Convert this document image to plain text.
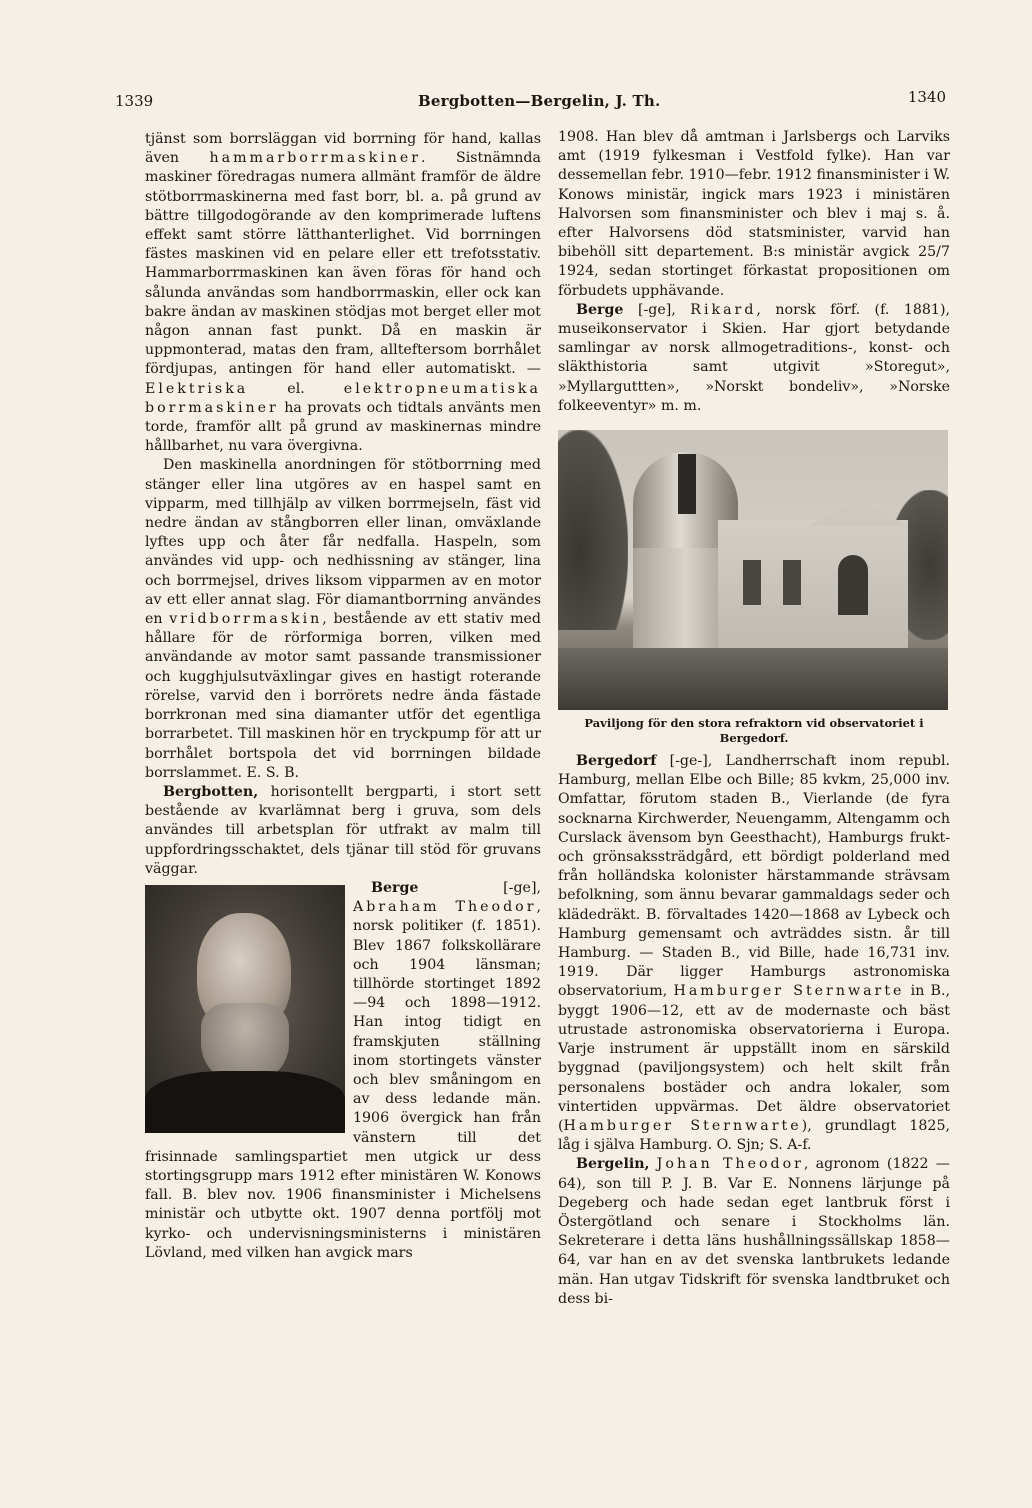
1339	Bergbotten—Bergelin, J. Th.	1340

tjänst som borrsläggan vid borrning för hand, kallas även hammarborrmaskiner. Sistnämnda maskiner föredragas numera allmänt framför de äldre stötborrmaskinerna med fast borr, bl. a. på grund av bättre tillgodogörande av den komprimerade luftens effekt samt större lätthanterlighet. Vid borrningen fästes maskinen vid en pelare eller ett trefotsstativ. Hammarborrmaskinen kan även föras för hand och sålunda användas som handborrmaskin, eller ock kan bakre ändan av maskinen stödjas mot berget eller mot någon annan fast punkt. Då en maskin är uppmonterad, matas den fram, allteftersom borrhålet fördjupas, antingen för hand eller automatiskt. — Elektriska el. elektropneumatiska borrmaskiner ha provats och tidtals använts men torde, framför allt på grund av maskinernas mindre hållbarhet, nu vara övergivna.

Den maskinella anordningen för stötborrning med stänger eller lina utgöres av en haspel samt en vipparm, med tillhjälp av vilken borrmejseln, fäst vid nedre ändan av stångborren eller linan, omväxlande lyftes upp och åter får nedfalla. Haspeln, som användes vid upp- och nedhissning av stänger, lina och borrmejsel, drives liksom vipparmen av en motor av ett eller annat slag. För diamantborrning användes en vridborrmaskin, bestående av ett stativ med hållare för de rörformiga borren, vilken med användande av motor samt passande transmissioner och kugghjulsutväxlingar gives en hastigt roterande rörelse, varvid den i borrörets nedre ända fästade borrkronan med sina diamanter utför det egentliga borrarbetet. Till maskinen hör en tryckpump för att ur borrhålet bortspola det vid borrningen bildade borrslammet. E. S. B.

Bergbotten, horisontellt bergparti, i stort sett bestående av kvarlämnat berg i gruva, som dels användes till arbetsplan för utfrakt av malm till uppfordringsschaktet, dels tjänar till stöd för gruvans väggar.

Berge [-ge], Abraham Theodor, norsk politiker (f. 1851). Blev 1867 folkskollärare och 1904 länsman; tillhörde stortinget 1892 —94 och 1898—1912. Han intog tidigt en framskjuten ställning inom stortingets vänster och blev småningom en av dess ledande män. 1906 övergick han från vänstern till det frisinnade samlingspartiet men utgick ur dess stortingsgrupp mars 1912 efter ministären W. Konows fall. B. blev nov. 1906 finansminister i Michelsens ministär och utbytte okt. 1907 denna portfölj mot kyrko- och undervisningsministerns i ministären Lövland, med vilken han avgick mars

1908. Han blev då amtman i Jarlsbergs och Larviks amt (1919 fylkesman i Vestfold fylke). Han var dessemellan febr. 1910—febr. 1912 finansminister i W. Konows ministär, ingick mars 1923 i ministären Halvorsen som finansminister och blev i maj s. å. efter Halvorsens död statsminister, varvid han bibehöll sitt departement. B:s ministär avgick 25/7 1924, sedan stortinget förkastat propositionen om förbudets upphävande.

Berge [-ge], Rikard, norsk förf. (f. 1881), museikonservator i Skien. Har gjort betydande samlingar av norsk allmogetraditions-, konst- och släkthistoria samt utgivit »Storegut», »Myllarguttten», »Norskt bondeliv», »Norske folkeeventyr» m. m.

Paviljong för den stora refraktorn vid observatoriet i Bergedorf.

Bergedorf [-ge-], Landherrschaft inom republ. Hamburg, mellan Elbe och Bille; 85 kvkm, 25,000 inv. Omfattar, förutom staden B., Vierlande (de fyra socknarna Kirchwerder, Neuengamm, Altengamm och Curslack ävensom byn Geesthacht), Hamburgs frukt- och grönsakssträdgård, ett bördigt polderland med från holländska kolonister härstammande strävsam befolkning, som ännu bevarar gammaldags seder och klädedräkt. B. förvaltades 1420—1868 av Lybeck och Hamburg gemensamt och avträddes sistn. år till Hamburg. — Staden B., vid Bille, hade 16,731 inv. 1919. Där ligger Hamburgs astronomiska observatorium, Hamburger Sternwarte in B., byggt 1906—12, ett av de modernaste och bäst utrustade astronomiska observatorierna i Europa. Varje instrument är uppställt inom en särskild byggnad (paviljongsystem) och helt skilt från personalens bostäder och andra lokaler, som vintertiden uppvärmas. Det äldre observatoriet (Hamburger Sternwarte), grundlagt 1825, låg i själva Hamburg. O. Sjn; S. A-f.

Bergelin, Johan Theodor, agronom (1822 —64), son till P. J. B. Var E. Nonnens lärjunge på Degeberg och hade sedan eget lantbruk först i Östergötland och senare i Stockholms län. Sekreterare i detta läns hushållningssällskap 1858—64, var han en av det svenska lantbrukets ledande män. Han utgav Tidskrift för svenska landtbruket och dess bi-
